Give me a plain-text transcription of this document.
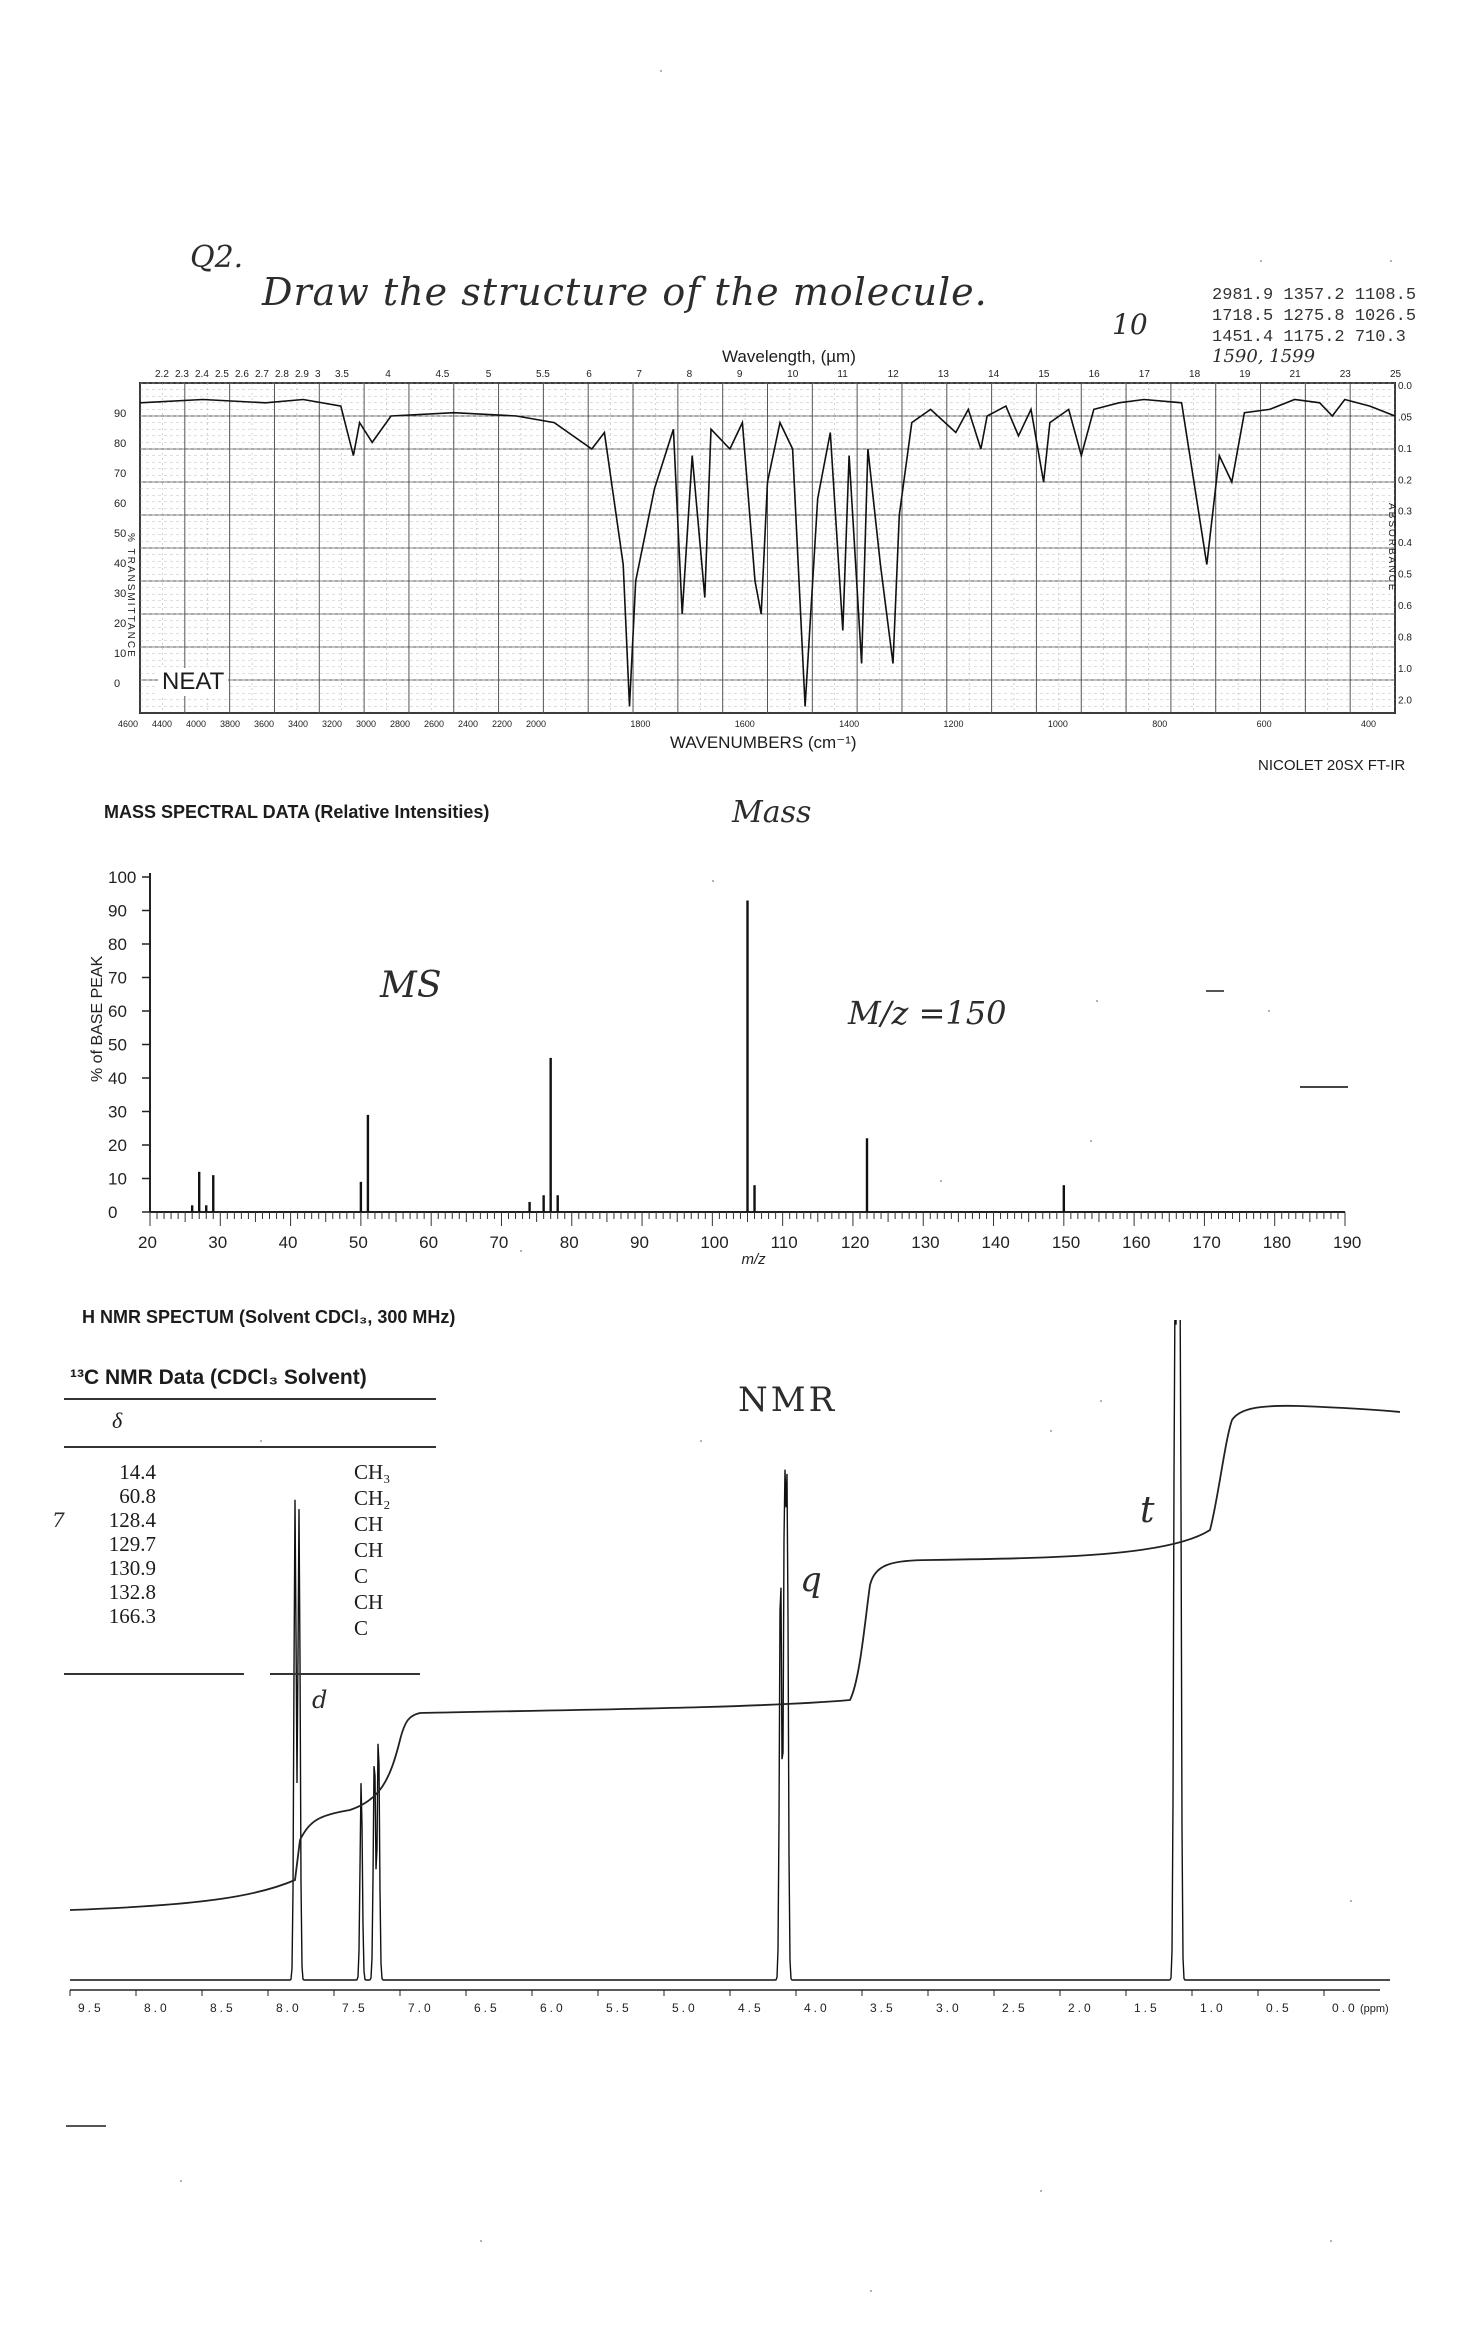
Q2.
Draw the structure of the molecule.
10
2981.9 1357.2 1108.5
1718.5 1275.8 1026.5
1451.4 1175.2 710.3
1590, 1599
Wavelength, (µm)
90
80
70
60
50
40
30
20
10
0
0.0
.05
0.1
0.2
0.3
0.4
0.5
0.6
0.8
1.0
2.0
% TRANSMITTANCE	ABSORBANCE
2.2 2.3 2.4 2.5 2.6 2.7 2.8 2.9 3 3.5	4	4.5	5	5.5	6	7	8	9	10	11	12	13	14	15	16	17	18	19	21	23	25
4600 4400 4000 3800 3600 3400 3200 3000 2800 2600 2400 2200 2000	1800	1600	1400	1200	1000	800	600	400
NEAT
WAVENUMBERS (cm⁻¹)
NICOLET 20SX FT-IR
MASS SPECTRAL DATA (Relative Intensities)	Mass
MS
M/z =150
100
90
80
70
60
50
40
30
20
10
0
20	30	40	50	60	70	80	90	100 110	120 130 140 150 160 170 180 190
m/z
% of BASE PEAK
H NMR SPECTUM (Solvent CDCl₃, 300 MHz)
NMR
d
q
t
9.5	8.0	8.5	8.0	7.5	7.0	6.5	6.0	5.5	5.0	4.5	4.0	3.5	3.0	2.5	2.0	1.5	1.0	0.5	0.0 (ppm)
¹³C NMR Data (CDCl₃ Solvent)
δ
7
14.4	CH₃
60.8	CH₂
128.4	CH
129.7	CH
130.9	C
132.8	CH
166.3	C
